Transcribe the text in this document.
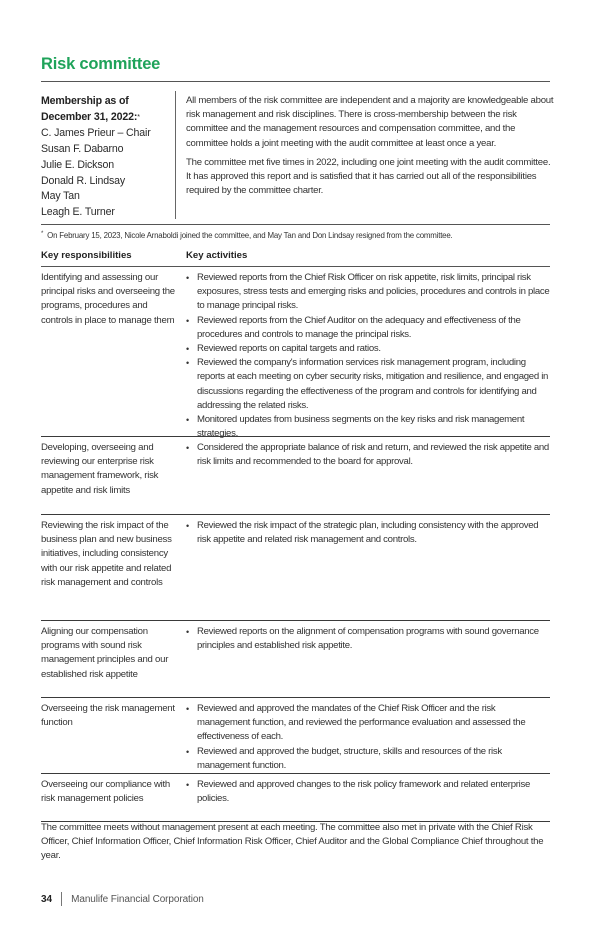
Risk committee
Membership as of
December 31, 2022:*
C. James Prieur – Chair
Susan F. Dabarno
Julie E. Dickson
Donald R. Lindsay
May Tan
Leagh E. Turner

All members of the risk committee are independent and a majority are knowledgeable about risk management and risk disciplines. There is cross-membership between the risk committee and the management resources and compensation committee, and the committee holds a joint meeting with the audit committee at least once a year.

The committee met five times in 2022, including one joint meeting with the audit committee. It has approved this report and is satisfied that it has carried out all of the responsibilities required by the committee charter.

* On February 15, 2023, Nicole Arnaboldi joined the committee, and May Tan and Don Lindsay resigned from the committee.
Key responsibilities	Key activities
Identifying and assessing our principal risks and overseeing the programs, procedures and controls in place to manage them
• Reviewed reports from the Chief Risk Officer on risk appetite, risk limits, principal risk exposures, stress tests and emerging risks and policies, procedures and controls in place to manage principal risks.
• Reviewed reports from the Chief Auditor on the adequacy and effectiveness of the procedures and controls to manage the principal risks.
• Reviewed reports on capital targets and ratios.
• Reviewed the company's information services risk management program, including reports at each meeting on cyber security risks, mitigation and resilience, and engaged in discussions regarding the effectiveness of the program and controls for identifying and addressing the related risks.
• Monitored updates from business segments on the key risks and risk management strategies.
Developing, overseeing and reviewing our enterprise risk management framework, risk appetite and risk limits
• Considered the appropriate balance of risk and return, and reviewed the risk appetite and risk limits and recommended to the board for approval.
Reviewing the risk impact of the business plan and new business initiatives, including consistency with our risk appetite and related risk management and controls
• Reviewed the risk impact of the strategic plan, including consistency with the approved risk appetite and related risk management and controls.
Aligning our compensation programs with sound risk management principles and our established risk appetite
• Reviewed reports on the alignment of compensation programs with sound governance principles and established risk appetite.
Overseeing the risk management function
• Reviewed and approved the mandates of the Chief Risk Officer and the risk management function, and reviewed the performance evaluation and assessed the effectiveness of each.
• Reviewed and approved the budget, structure, skills and resources of the risk management function.
Overseeing our compliance with risk management policies
• Reviewed and approved changes to the risk policy framework and related enterprise policies.

The committee meets without management present at each meeting. The committee also met in private with the Chief Risk Officer, Chief Information Officer, Chief Information Risk Officer, Chief Auditor and the Global Compliance Chief throughout the year.

34 Manulife Financial Corporation
